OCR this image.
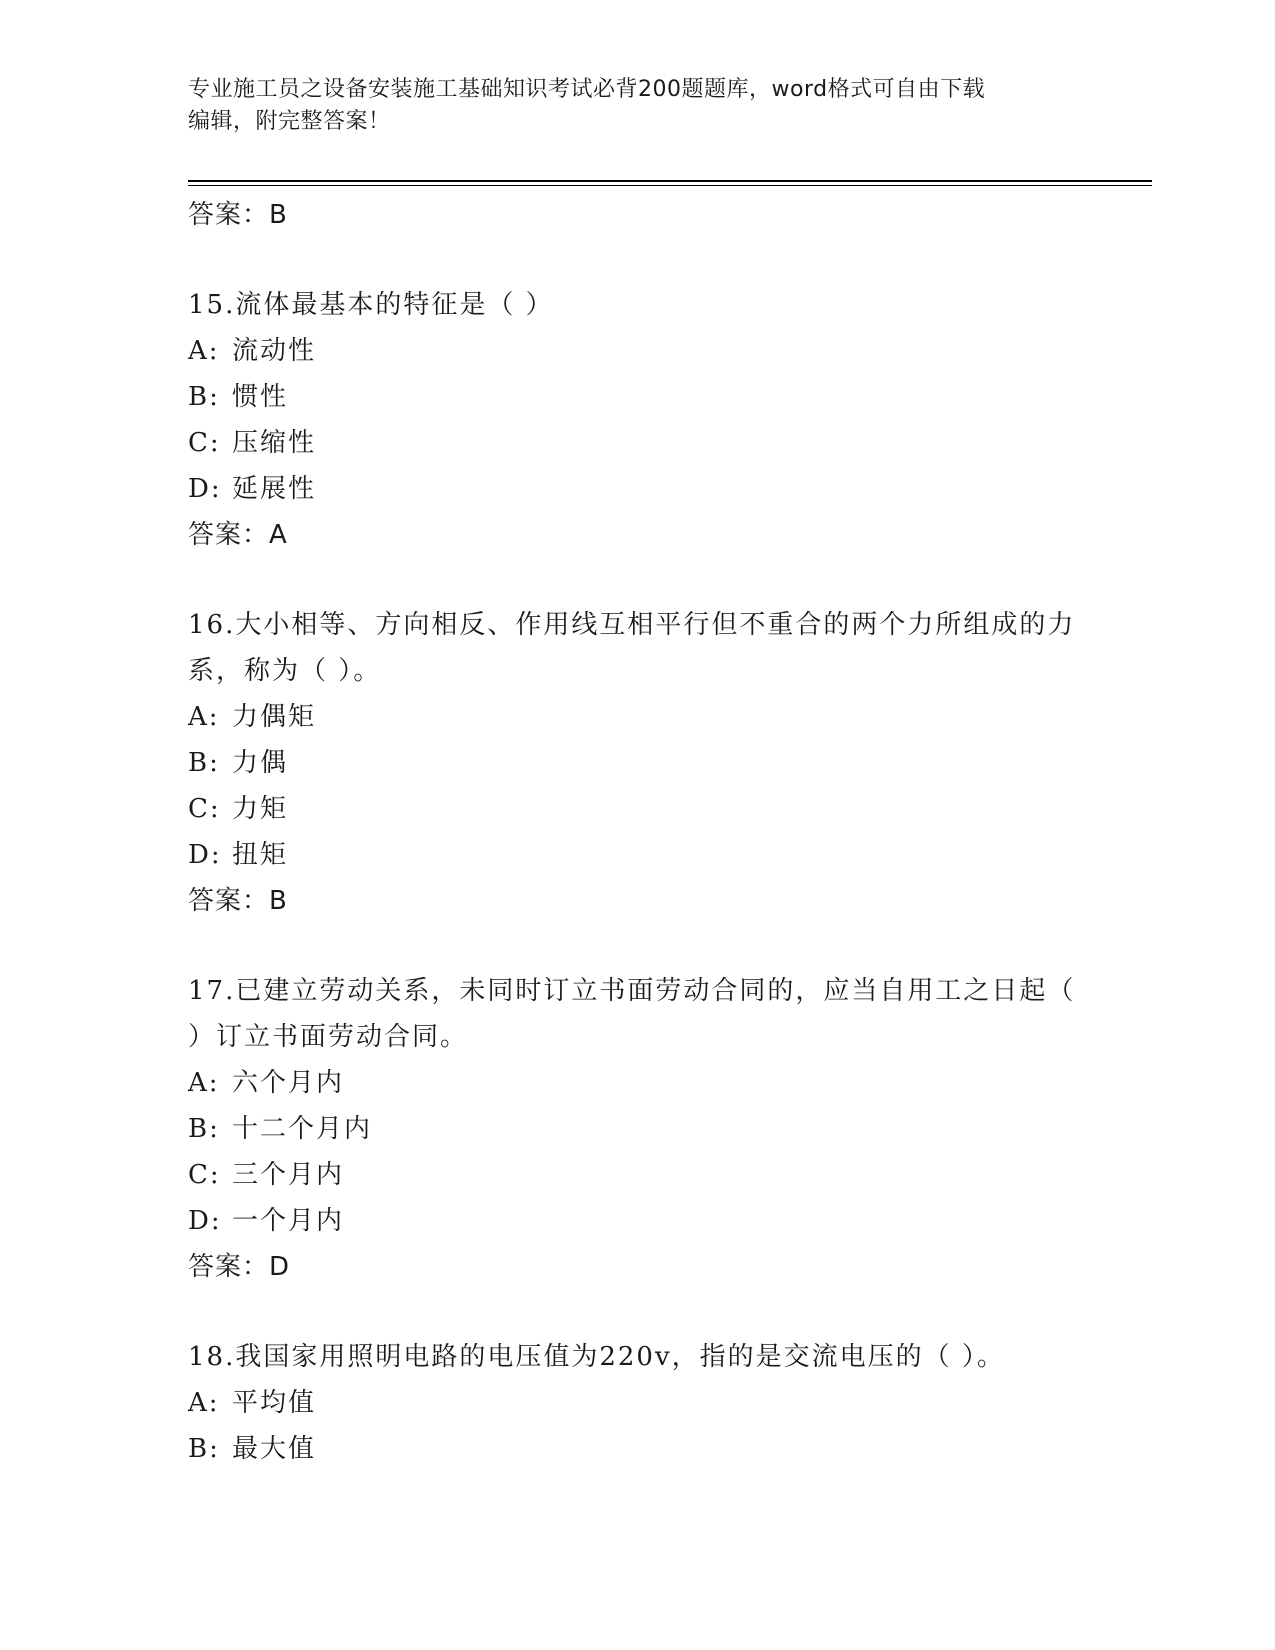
专业施工员之设备安装施工基础知识考试必背200题题库，word格式可自由下载
编辑，附完整答案！
答案：B
15.流体最基本的特征是（ ）
A: 流动性
B: 惯性
C: 压缩性
D: 延展性
答案：A
16.大小相等、方向相反、作用线互相平行但不重合的两个力所组成的力系，称为（ ）。
A: 力偶矩
B: 力偶
C: 力矩
D: 扭矩
答案：B
17.已建立劳动关系，未同时订立书面劳动合同的，应当自用工之日起（ ）订立书面劳动合同。
A: 六个月内
B: 十二个月内
C: 三个月内
D: 一个月内
答案：D
18.我国家用照明电路的电压值为220v，指的是交流电压的（ ）。
A: 平均值
B: 最大值
